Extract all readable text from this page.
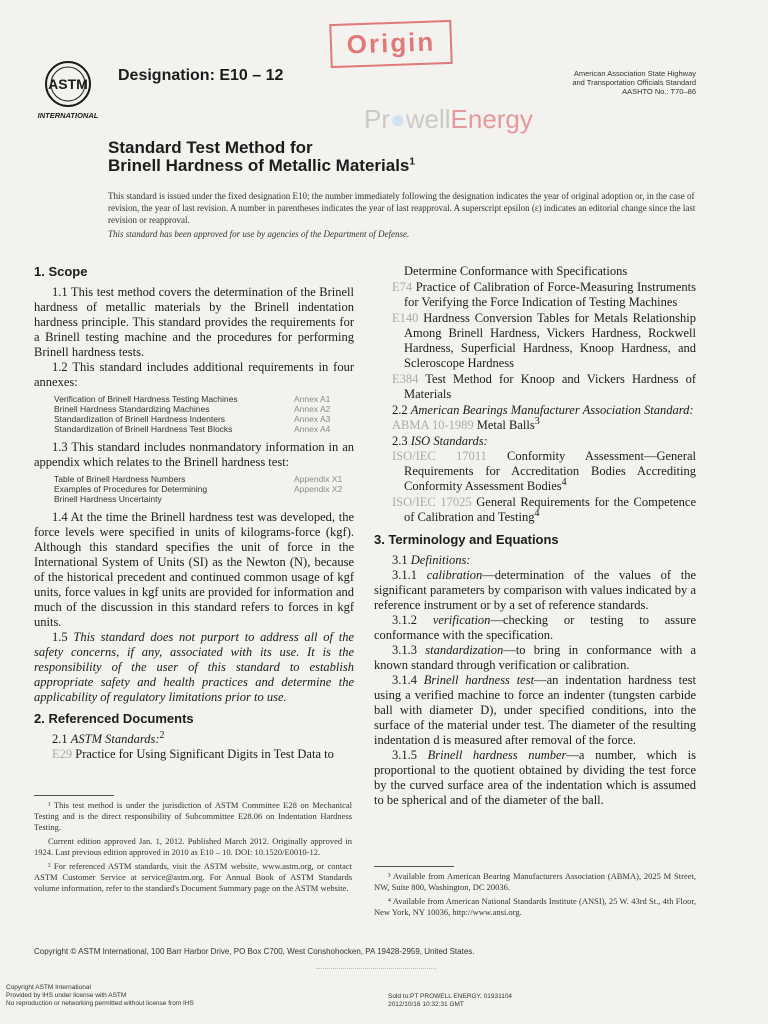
Origin
Pr●wellEnergy
ASTM
INTERNATIONAL
Designation: E10 – 12	American Association State Highway
and Transportation Officials Standard
AASHTO No.: T70–86
Standard Test Method for
Brinell Hardness of Metallic Materials$^1$

This standard is issued under the fixed designation E10; the number immediately following the designation indicates the year of original adoption or, in the case of revision, the year of last revision. A number in parentheses indicates the year of last reapproval. A superscript epsilon (ε) indicates an editorial change since the last revision or reapproval.

This standard has been approved for use by agencies of the Department of Defense.

1. Scope
1.1 This test method covers the determination of the Brinell hardness of metallic materials by the Brinell indentation hardness principle. This standard provides the requirements for a Brinell testing machine and the procedures for performing Brinell hardness tests.
1.2 This standard includes additional requirements in four annexes:
Verification of Brinell Hardness Testing Machines	Annex A1
Brinell Hardness Standardizing Machines	Annex A2
Standardization of Brinell Hardness Indenters	Annex A3
Standardization of Brinell Hardness Test Blocks	Annex A4
1.3 This standard includes nonmandatory information in an appendix which relates to the Brinell hardness test:
Table of Brinell Hardness Numbers	Appendix X1
Examples of Procedures for Determining	Appendix X2
Brinell Hardness Uncertainty
1.4 At the time the Brinell hardness test was developed, the force levels were specified in units of kilograms-force (kgf). Although this standard specifies the unit of force in the International System of Units (SI) as the Newton (N), because of the historical precedent and continued common usage of kgf units, force values in kgf units are provided for information and much of the discussion in this standard refers to forces in kgf units.
1.5 This standard does not purport to address all of the safety concerns, if any, associated with its use. It is the responsibility of the user of this standard to establish appropriate safety and health practices and determine the applicability of regulatory limitations prior to use.
2. Referenced Documents
2.1 ASTM Standards:$^2$
E29 Practice for Using Significant Digits in Test Data to
Determine Conformance with Specifications
E74 Practice of Calibration of Force-Measuring Instruments for Verifying the Force Indication of Testing Machines
E140 Hardness Conversion Tables for Metals Relationship Among Brinell Hardness, Vickers Hardness, Rockwell Hardness, Superficial Hardness, Knoop Hardness, and Scleroscope Hardness
E384 Test Method for Knoop and Vickers Hardness of Materials
2.2 American Bearings Manufacturer Association Standard:
ABMA 10-1989 Metal Balls$^3$
2.3 ISO Standards:
ISO/IEC 17011 Conformity Assessment—General Requirements for Accreditation Bodies Accrediting Conformity Assessment Bodies$^4$
ISO/IEC 17025 General Requirements for the Competence of Calibration and Testing$^4$
3. Terminology and Equations
3.1 Definitions:
3.1.1 calibration—determination of the values of the significant parameters by comparison with values indicated by a reference instrument or by a set of reference standards.
3.1.2 verification—checking or testing to assure conformance with the specification.
3.1.3 standardization—to bring in conformance with a known standard through verification or calibration.
3.1.4 Brinell hardness test—an indentation hardness test using a verified machine to force an indenter (tungsten carbide ball with diameter D), under specified conditions, into the surface of the material under test. The diameter of the resulting indentation d is measured after removal of the force.
3.1.5 Brinell hardness number—a number, which is proportional to the quotient obtained by dividing the test force by the curved surface area of the indentation which is assumed to be spherical and of the diameter of the ball.

¹ This test method is under the jurisdiction of ASTM Committee E28 on Mechanical Testing and is the direct responsibility of Subcommittee E28.06 on Indentation Hardness Testing.

Current edition approved Jan. 1, 2012. Published March 2012. Originally approved in 1924. Last previous edition approved in 2010 as E10 – 10. DOI: 10.1520/E0010-12.

² For referenced ASTM standards, visit the ASTM website, www.astm.org, or contact ASTM Customer Service at service@astm.org. For Annual Book of ASTM Standards volume information, refer to the standard's Document Summary page on the ASTM website.

³ Available from American Bearing Manufacturers Association (ABMA), 2025 M Street, NW, Suite 800, Washington, DC 20036.

⁴ Available from American National Standards Institute (ANSI), 25 W. 43rd St., 4th Floor, New York, NY 10036, http://www.ansi.org.

Copyright © ASTM International, 100 Barr Harbor Drive, PO Box C700, West Conshohocken, PA 19428-2959, United States.
Copyright ASTM International
Provided by IHS under license with ASTM
No reproduction or networking permitted without license from IHS
Sold to:PT PROWELL ENERGY, 01931104
2012/10/16 10:32:31 GMT
